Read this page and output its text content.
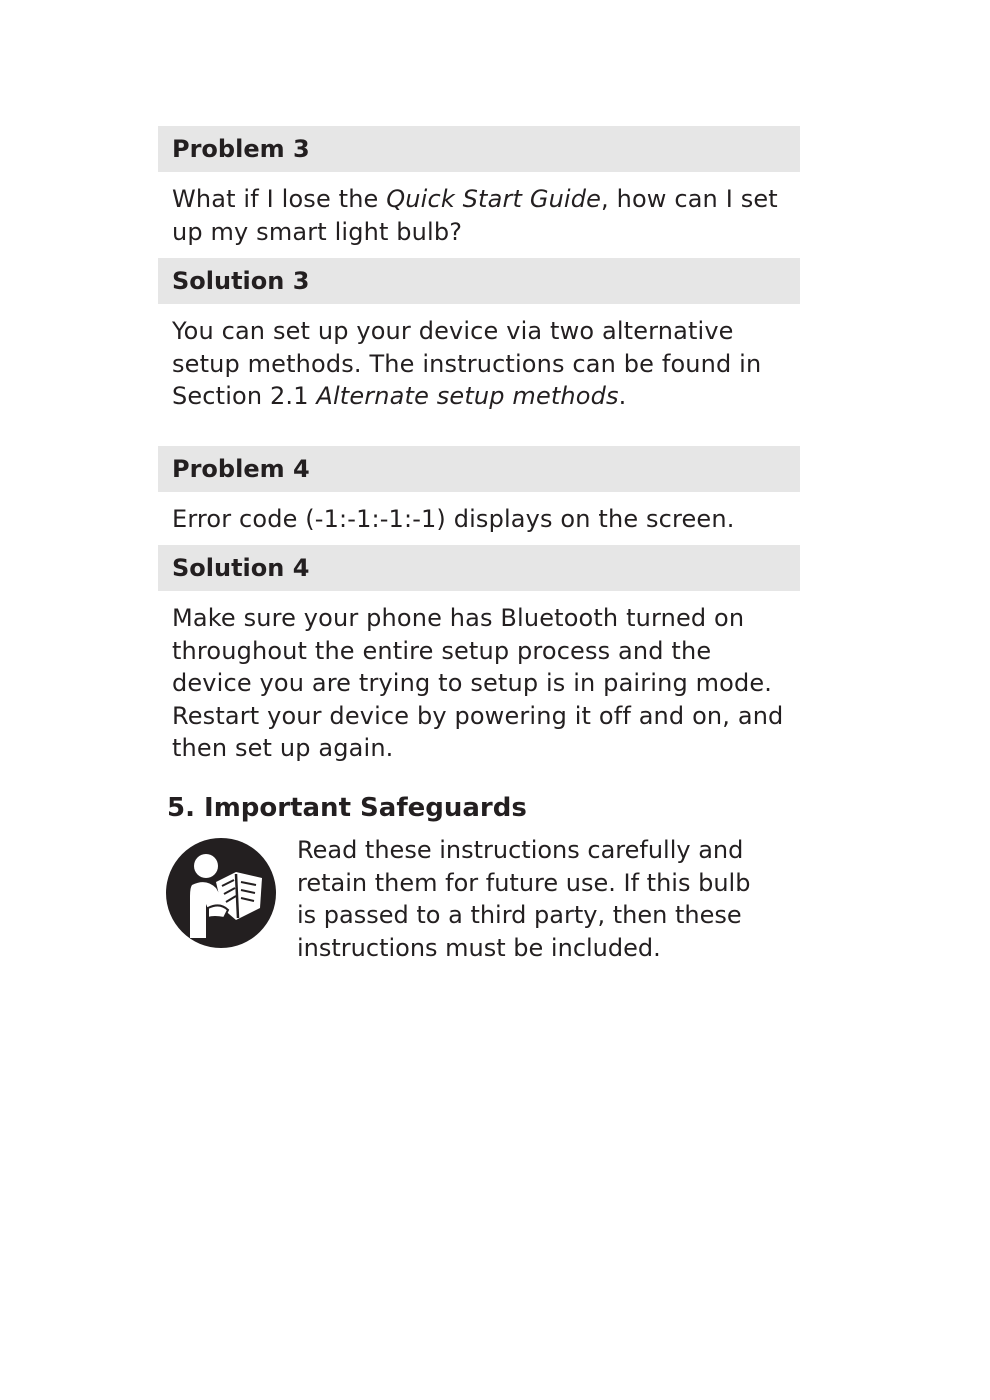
Problem 3
What if I lose the Quick Start Guide, how can I set
up my smart light bulb?
Solution 3
You can set up your device via two alternative
setup methods. The instructions can be found in
Section 2.1 Alternate setup methods.
Problem 4
Error code (-1:-1:-1:-1) displays on the screen.
Solution 4
Make sure your phone has Bluetooth turned on
throughout the entire setup process and the
device you are trying to setup is in pairing mode.
Restart your device by powering it off and on, and
then set up again.
5. Important Safeguards
Read these instructions carefully and
retain them for future use. If this bulb
is passed to a third party, then these
instructions must be included.
